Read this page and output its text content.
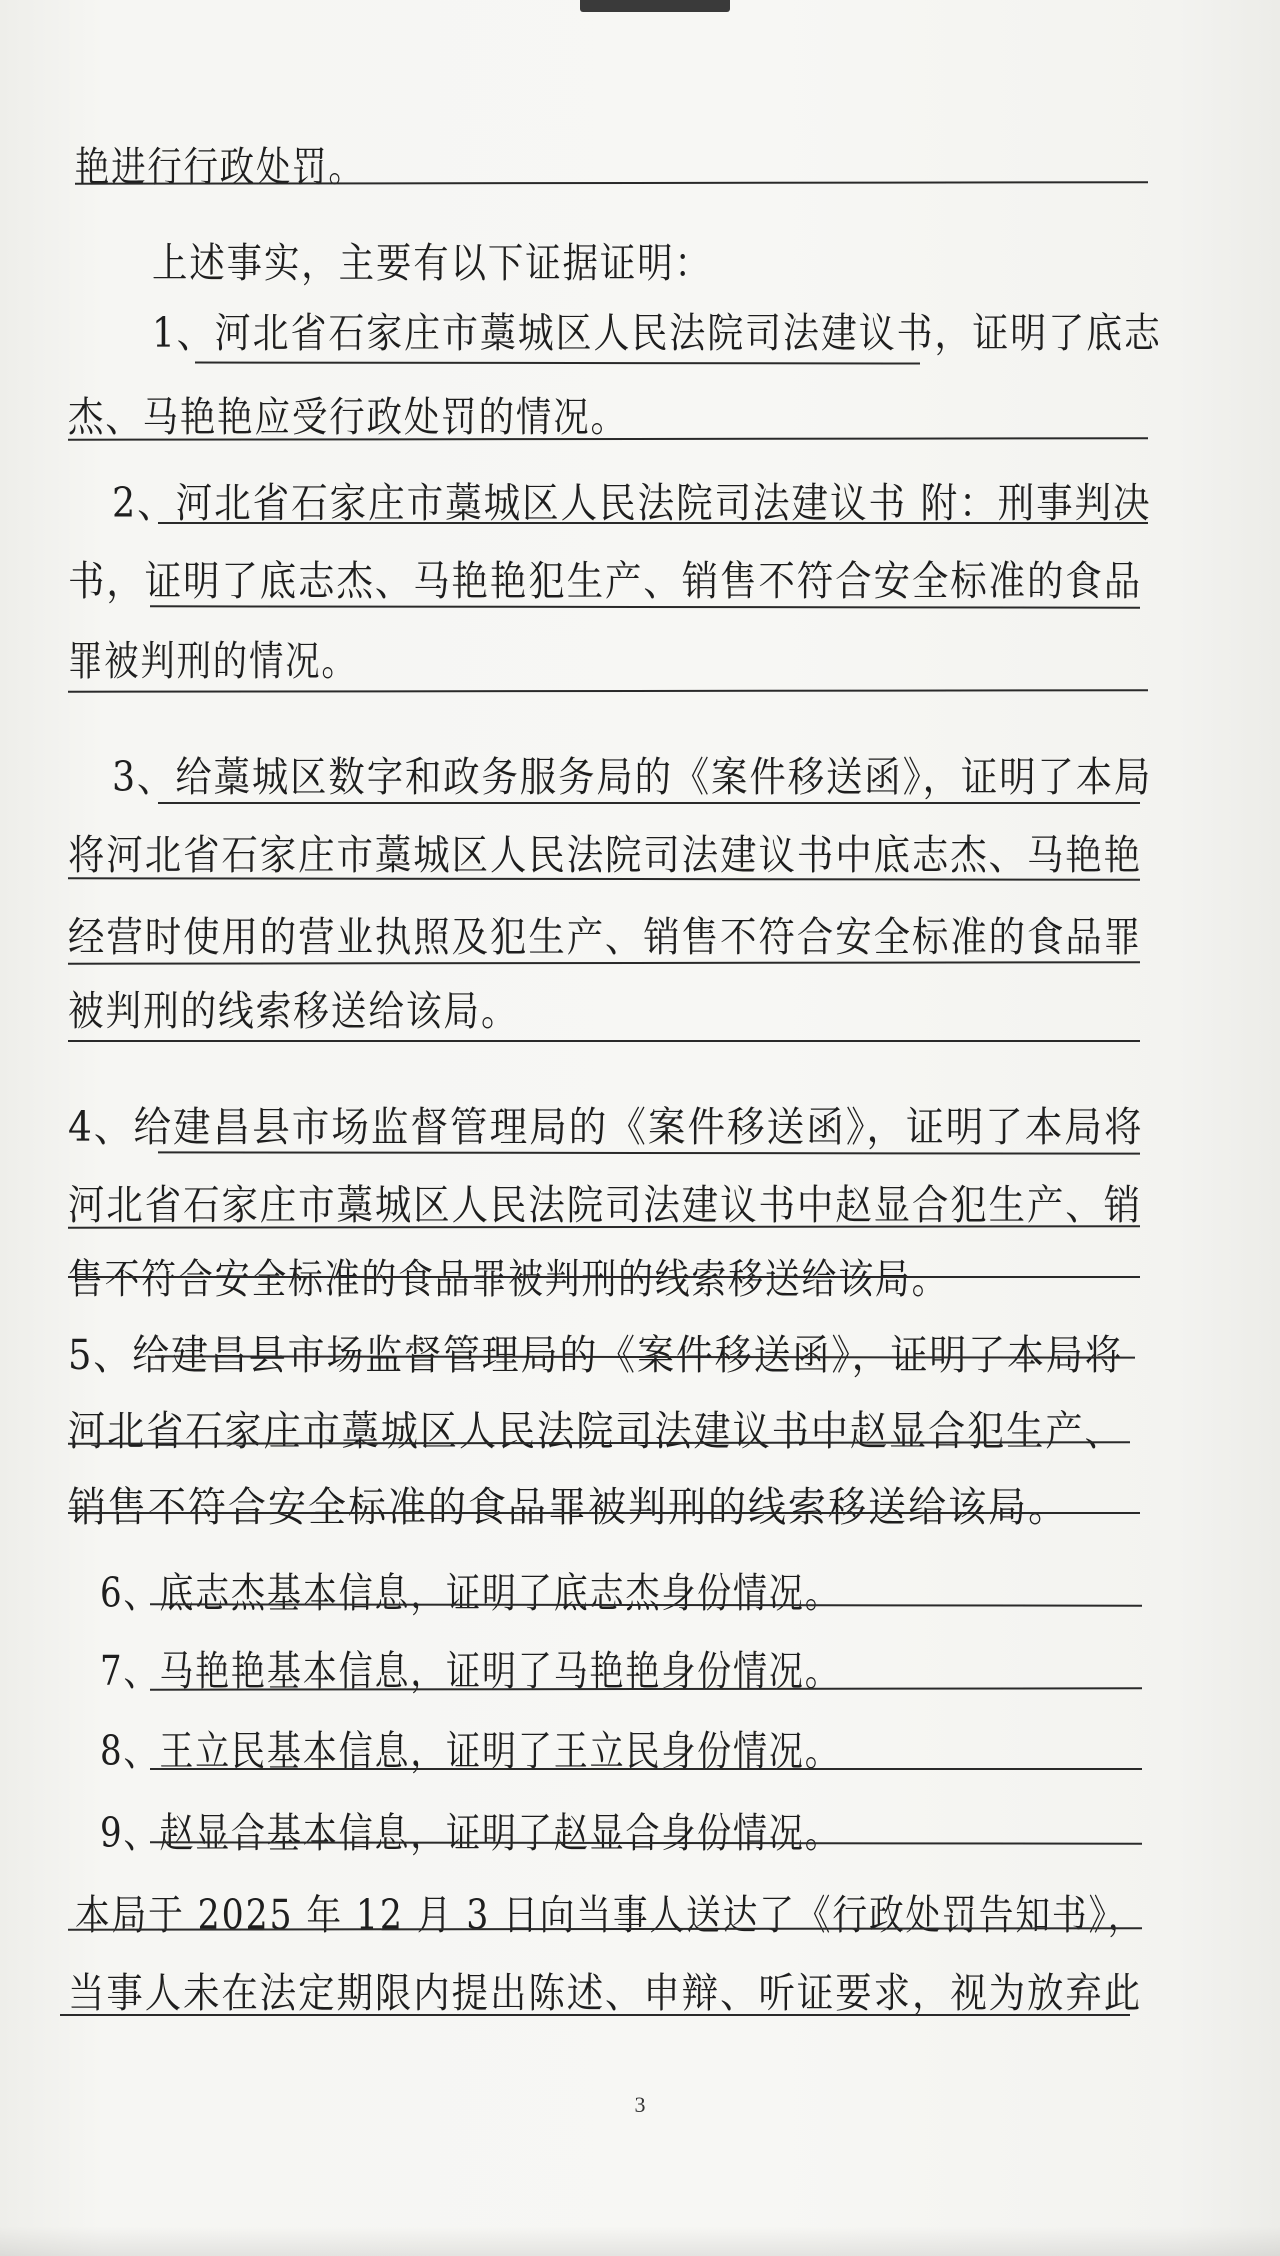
艳进行行政处罚。
上述事实，主要有以下证据证明：
1、河北省石家庄市藁城区人民法院司法建议书，证明了底志
杰、马艳艳应受行政处罚的情况。
2、河北省石家庄市藁城区人民法院司法建议书 附：刑事判决
书，证明了底志杰、马艳艳犯生产、销售不符合安全标准的食品
罪被判刑的情况。
3、给藁城区数字和政务服务局的《案件移送函》，证明了本局
将河北省石家庄市藁城区人民法院司法建议书中底志杰、马艳艳
经营时使用的营业执照及犯生产、销售不符合安全标准的食品罪
被判刑的线索移送给该局。
4、给建昌县市场监督管理局的《案件移送函》，证明了本局将
河北省石家庄市藁城区人民法院司法建议书中赵显合犯生产、销
售不符合安全标准的食品罪被判刑的线索移送给该局。
5、给建昌县市场监督管理局的《案件移送函》，证明了本局将
河北省石家庄市藁城区人民法院司法建议书中赵显合犯生产、
销售不符合安全标准的食品罪被判刑的线索移送给该局。
6、底志杰基本信息，证明了底志杰身份情况。
7、马艳艳基本信息，证明了马艳艳身份情况。
8、王立民基本信息，证明了王立民身份情况。
9、赵显合基本信息，证明了赵显合身份情况。
本局于 2025 年 12 月 3 日向当事人送达了《行政处罚告知书》，
当事人未在法定期限内提出陈述、申辩、听证要求，视为放弃此
3
